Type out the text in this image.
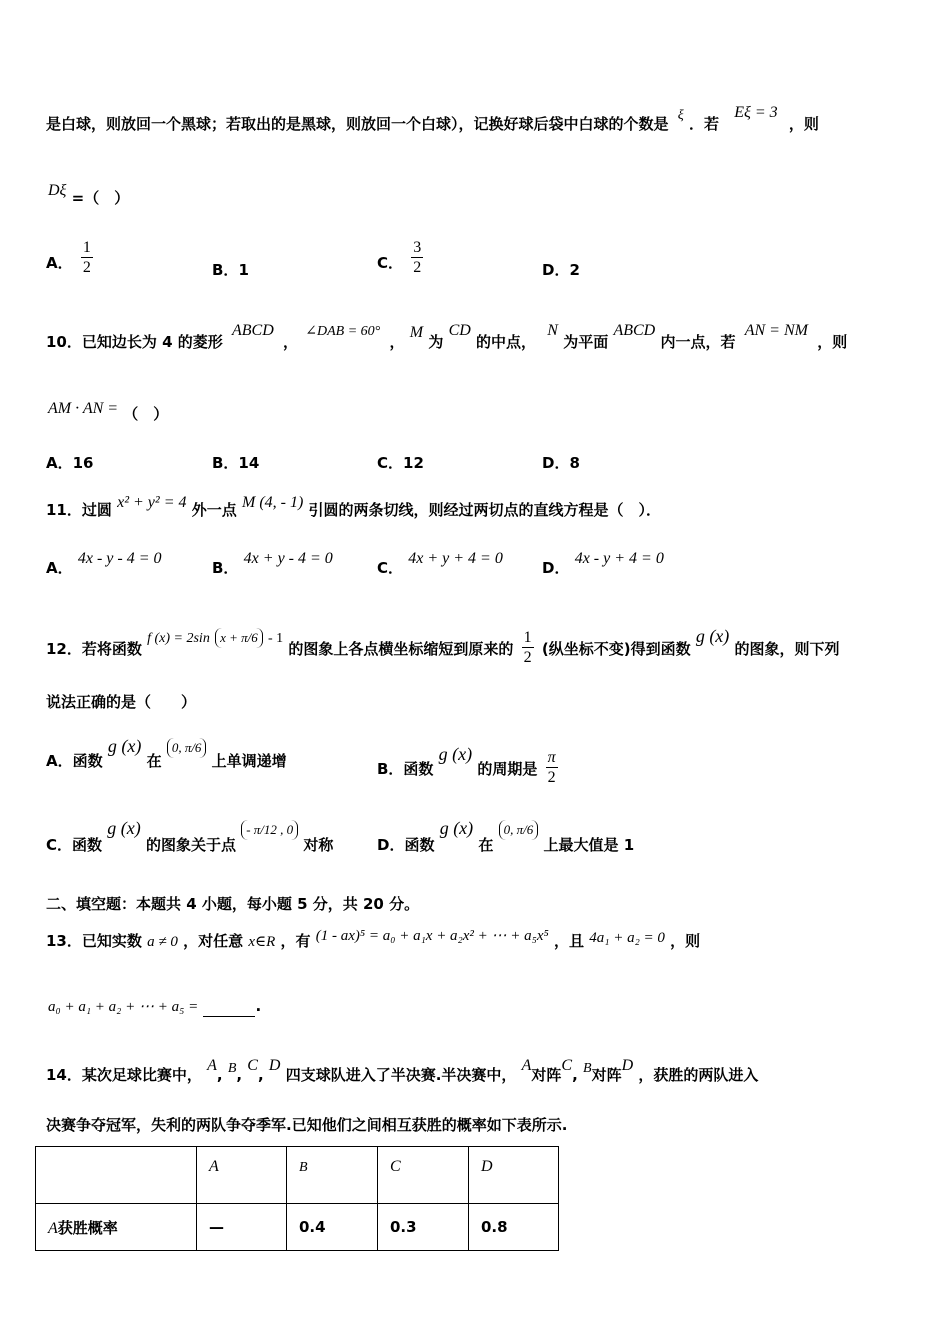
是白球，则放回一个黑球；若取出的是黑球，则放回一个白球），记换好球后袋中白球的个数是 ξ ．若 Eξ = 3 ，则
Dξ =（　）
A． $\frac{1}{2}$	B．1	C． $\frac{3}{2}$	D．2
10．已知边长为 4 的菱形 ABCD ， ∠DAB = 60° ， M 为 CD 的中点， N 为平面 ABCD 内一点，若 AN = NM ，则
AM · AN = （　）
A．16	B．14	C．12	D．8
11．过圆 x² + y² = 4 外一点 M (4, - 1) 引圆的两条切线，则经过两切点的直线方程是（　）．
A． 4x - y - 4 = 0
B． 4x + y - 4 = 0
C． 4x + y + 4 = 0
D． 4x - y + 4 = 0
12．若将函数 f (x) = 2sin x + π/6 - 1 的图象上各点横坐标缩短到原来的 $\frac{1}{2}$ (纵坐标不变)得到函数 g (x) 的图象，则下列
说法正确的是（　　）
A．函数 g (x) 在 0, π/6 上单调递增	B．函数 g (x) 的周期是 $\frac{\pi}{2}$
C．函数 g (x) 的图象关于点 - π/12 , 0 对称	D．函数 g (x) 在 0, π/6 上最大值是 1
二、填空题：本题共 4 小题，每小题 5 分，共 20 分。
13．已知实数 a ≠ 0 ，对任意 x∈R ，有 (1 - ax)⁵ = a₀ + a₁x + a₂x² + ⋯ + a₅x⁵ ，且 4a₁ + a₂ = 0 ，则
a₀ + a₁ + a₂ + ⋯ + a₅ =	.
14．某次足球比赛中， A, B, C, D 四支球队进入了半决赛.半决赛中， A对阵C, B对阵D ，获胜的两队进入
决赛争夺冠军，失利的两队争夺季军.已知他们之间相互获胜的概率如下表所示.
	A	B	C	D
A获胜概率	—	0.4	0.3	0.8
